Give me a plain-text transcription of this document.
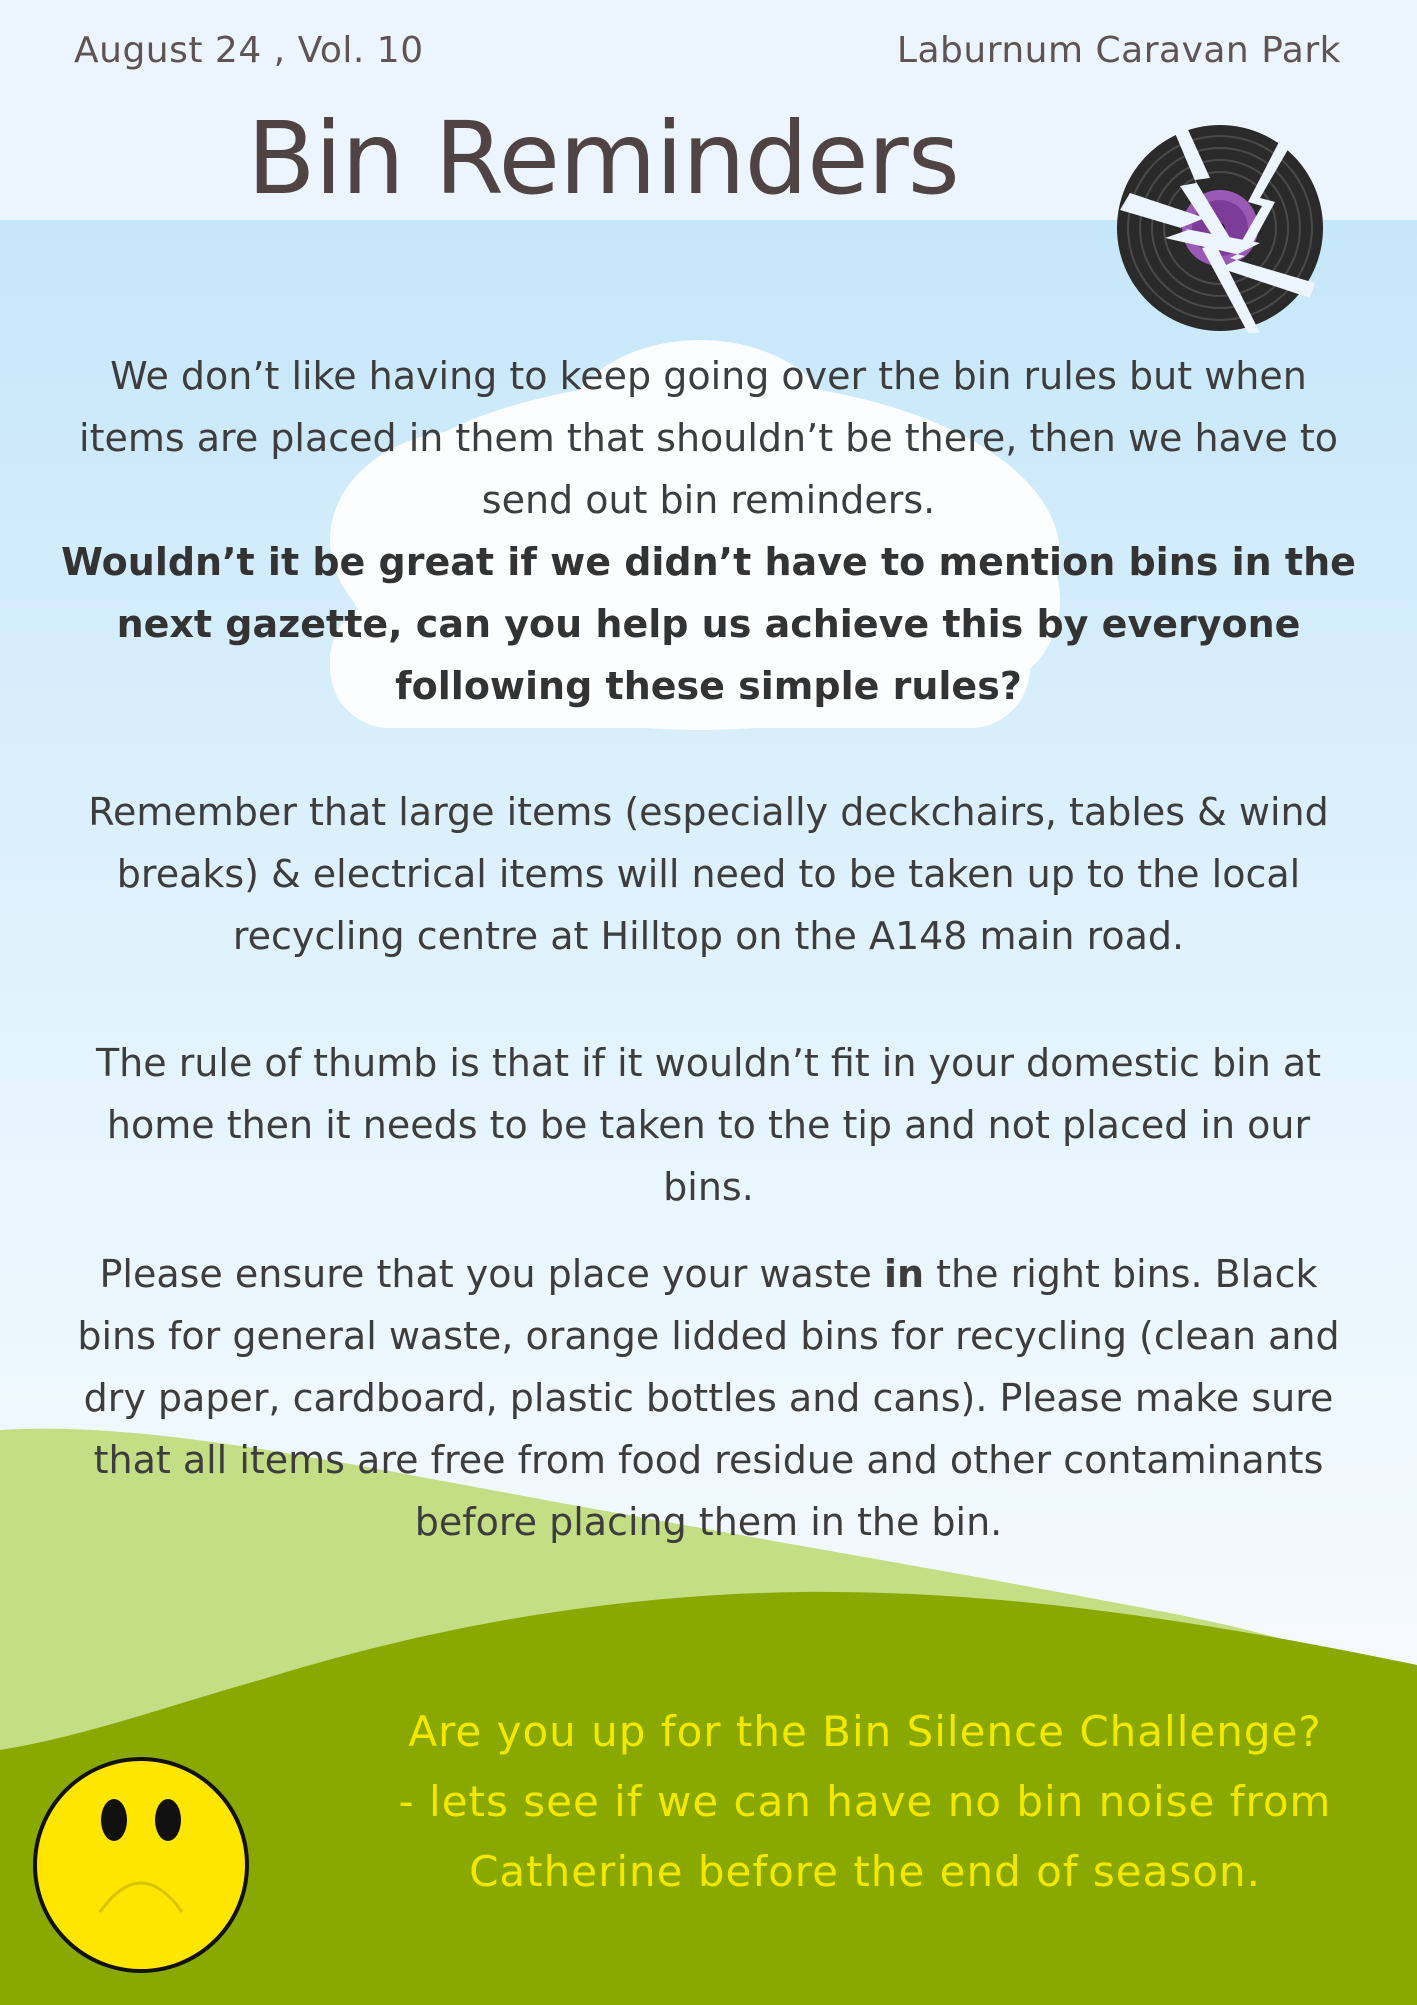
August 24 , Vol. 10	Laburnum Caravan Park
Bin Reminders

We don’t like having to keep going over the bin rules but when items are placed in them that shouldn’t be there, then we have to send out bin reminders.

Wouldn’t it be great if we didn’t have to mention bins in the next gazette, can you help us achieve this by everyone following these simple rules?

Remember that large items (especially deckchairs, tables & wind breaks) & electrical items will need to be taken up to the local recycling centre at Hilltop on the A148 main road.

The rule of thumb is that if it wouldn’t fit in your domestic bin at home then it needs to be taken to the tip and not placed in our bins.

Please ensure that you place your waste in the right bins. Black bins for general waste, orange lidded bins for recycling (clean and dry paper, cardboard, plastic bottles and cans). Please make sure that all items are free from food residue and other contaminants before placing them in the bin.

Are you up for the Bin Silence Challenge?
- lets see if we can have no bin noise from Catherine before the end of season.
